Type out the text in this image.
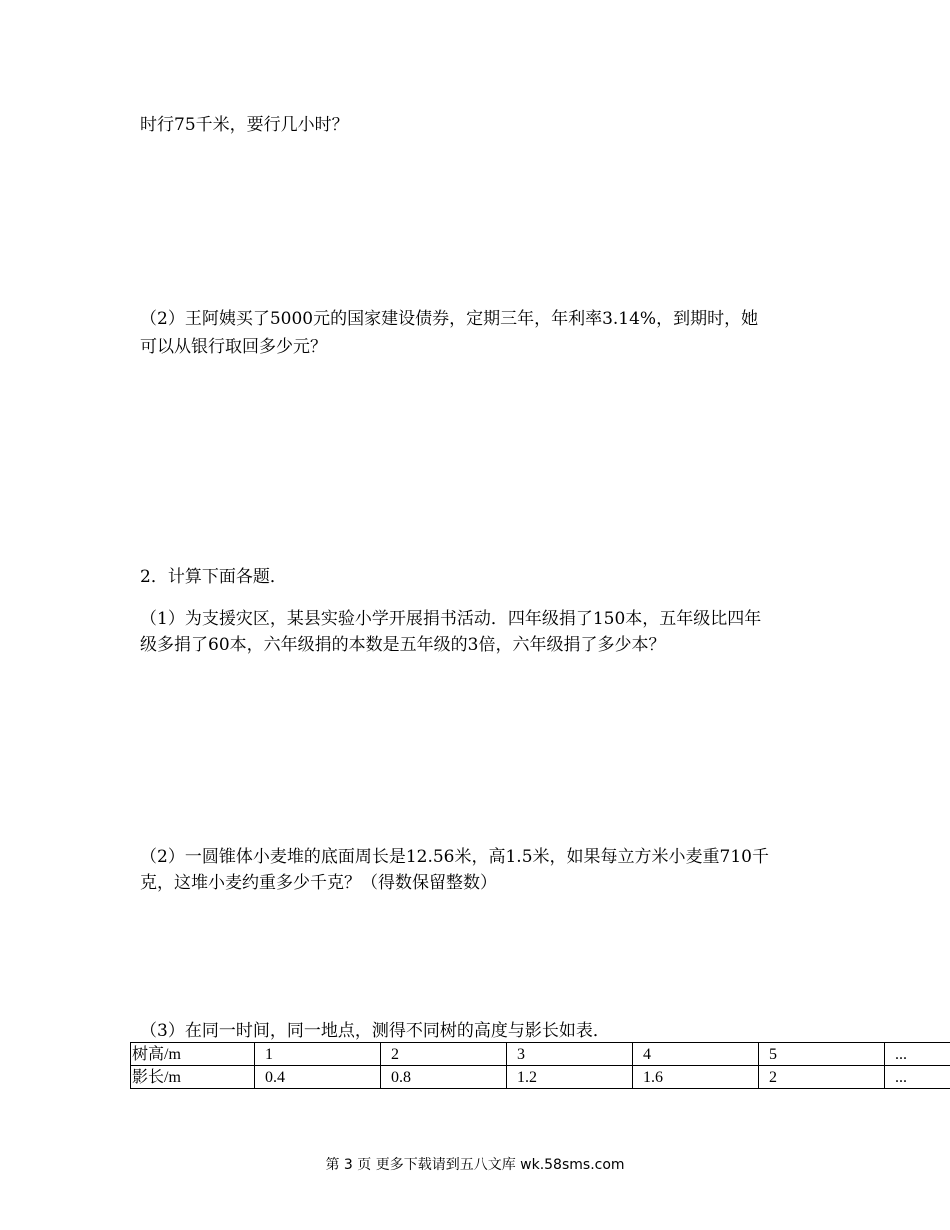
时行75千米，要行几小时？
（2）王阿姨买了5000元的国家建设债券，定期三年，年利率3.14%，到期时，她
可以从银行取回多少元？
2．计算下面各题．
（1）为支援灾区，某县实验小学开展捐书活动．四年级捐了150本，五年级比四年
级多捐了60本，六年级捐的本数是五年级的3倍，六年级捐了多少本？
（2）一圆锥体小麦堆的底面周长是12.56米，高1.5米，如果每立方米小麦重710千
克，这堆小麦约重多少千克？（得数保留整数）
（3）在同一时间，同一地点，测得不同树的高度与影长如表．
树高/m	1	2	3	4	5	...
影长/m	0.4	0.8	1.2	1.6	2	...
第 3 页 更多下载请到五八文库 wk.58sms.com
